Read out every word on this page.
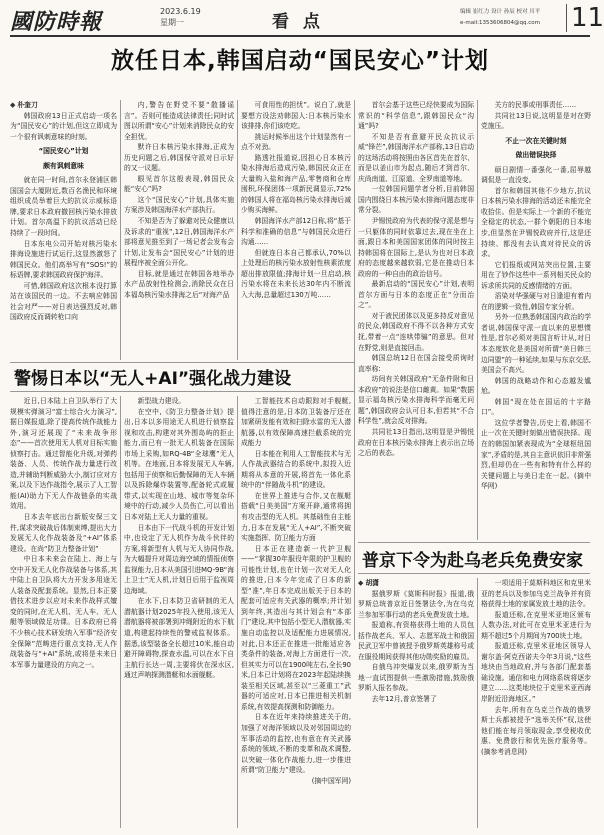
國防時報	2023.6.19
星期一	看 点	编辑 崔红力 设计 孙辰 校对 川平
e-mail:1353606804@qq.com	11
放任日本,韩国启动“国民安心”计划

◆ 朴奎刀

韩国政府13日正式启动一项名为“国民安心”的计划,但这立即成为一个很有讽刺意味的时刻。

“国民安心”计划

颇有讽刺意味

就在同一时间,首尔永登浦区韩国国会大厦附近,数百名渔民和环境组织成员举着巨大的抗议示威标语牌,要求日本政府撤回核污染水排放计划。首尔高温下的抗议活动已经持续了一段时间。

日本东电公司开始对核污染水排海设施进行试运行,这显然激怒了韩国民众。他们高举写有“SOS!”的标语牌,要求韩国政府保护海洋。

可惜,韩国政府这次根本没打算站在该国民的一边。不去响应韩国社会对严——对日表达强烈反对,韩国政府反而调转枪口向

内,警告在野党不要“散播谣言”。否则可能造成法律责任;同时试图以所谓“安心”计划来消除民众的安全担忧。

默许日本核污染水排海,正成为历史问题之后,韩国保守派对日示好的又一议题。

眼见首尔这般表现,韩国民众能“安心”吗?

这个“国民安心”计划,具体实施方案涉及韩国海洋水产部执行。

不知是否为了躲避对民众健康以及诉求的“重视”,12日,韩国海洋水产部将意见推至到了一场记者会发布会计划,让发布会“国民安心”计划的进展程序被全面公开化。

目标,就是通过在韩国各地举办水产品放射性检测会,消除民众在日本福岛核污染水排海之后“对海产品

可食用性的担忧”。说白了,就是要想方设法劝韩国人:日本核污染水该排排,你们该吃吃。

挑运时候举出这个计划显然有一点不对劲。

路透社报道说,因担心日本核污染水排海后造成污染,韩国民众正在大量购入盐和海产品,零售商和仓库囤积,环保团体一项新民调显示,72%的韩国人将在福岛核污染水排海后减少购买海鲜。

韩国海洋水产部12日称,将“基于科学和准确的信息”与韩国民众进行沟通……

但就连日本自己都承认,70%以上处理后的核污染水放射性核素浓度超出排放限值;排海计划一旦启动,核污染水将在未来长达30年内不断流入大海,总量超过130万吨……

首尔会基于这些已经快要成为国际常识的“科学信息”,跟韩国民众“沟通”吗?

不知是否有意避开民众抗议示威“锋芒”,韩国海洋水产部称,13日启动的这场活动将按照由各区首先在首尔、而是以釜山市为起点,随后才到首尔、庆尚南道、江原道、全罗南道等地。

一位韩国问题学者分析,目前韩国国内围绕日本核污染水排海问题态度非常分裂。

尹锡悦政府为代表的保守派是想与一只躯体的同时依靠过去,现在坐在上面,跟日本和美国国家团体的同时按主持韩国将在国际上,是认为也对日本政府的态度越来越软弱,它是在推动日本政府的一种自由的政治信号。

最新启动的“国民安心”计划,表明首尔方面与日本的态度正在“分而治之”。

对于液民团体以及更多持反对意见的民众,韩国政府不得不以各种方式安抚,带着一点“连哄带骗”的意思。但对在野党,则是直接回击。

韩国总统12日在国会接受质询时直率称:

坊间有关韩国政府“无条件附和日本政府”的说法是信口雌黄。如果“数据显示福岛核污染水排海科学而毫无问题”,韩国政府会认可日本,但若其“不合科学性”,就会反对排海。

共同社13日指出,这明显是尹锡悦政府在日本核污染水排海上表示出立场之后的表态。

关方的民事或刑事责任……

共同社13日说,这明显是对在野党施压。

不止一次在关键时刻

做出错误抉择

硕日剧情一番强化一番,屈辱越调侃是一直没变。

首尔和韩国其他不少地方,抗议日本核污染水排海的活动还未能完全收拾住。但是实际上一个新的不能完全稳定的状态,一群个朝阳的日本地步,但显然在尹锡悦政府并行,这是还持续、都没有去认真对待民众的诉求。

它们报纸或网站突出位置,主要用在了钞作这些中一系列相关民众的诉求所共同的反感情绪的方面。

滔染对华强硬与对日逢迎有着内在的逻辑一致性,韩国专家分析。

另外一位熟悉韩国国内政治的学者说,韩国保守派一直以来的思想惯性是,首尔必须对美国言听计从,对日本态度软化是美国对所谓“美日韩三边同盟”的一种延续,如果与东京交恶,美国会不高兴。

韩国的战略动作和心态越发尴尬。

韩国“现在处在国运的十字路口”。

这位学者警告,历史上看,韩国不止一次在关键时刻做出错误抉择。现在的韩国加紧表现成为“全球枢纽国家”,矛盾的是,其自主意识依旧非常强烈,但却仍在一些有和特有什么样的关键问题上与美日走在一起。(摘中华网)

警惕日本以“无人+AI”强化战力建设

近日,日本陆上自卫队举行了大规模实弹演习“富士综合火力演习”,据日媒报道,除了提高传统作战能力外,演习还展现了“未来战争形态”——首次使用无人机对目标实施侦察打击。通过智能化升级,对弹药装备、人员、传统作战力量进行改造,并辅助判断威胁大小,制订应对方案,以及下达作战指令,展示了人工智能(AI)助力下无人作战链条的实战效用。

日本去年底出台新版安保三文件,谋求突破战后体制束缚,提出大力发展无人化作战装备及“+AI”体系建设。在尚“防卫力整备计划”

中日本未来会在陆上、海上与空中开发无人化作战装备与体系,其中陆上自卫队将大力开发多用途无人装备及配套系统。显然,日本正要借技术进步以应对未来作战样式嬗变的同时,在无人机、无人车、无人艇等领域做足功课。日本政府已将不少核心技术研发纳入军事“经济安全保障”范畴进行重点支持,无人作战装备与“+AI”系统,或将是未来日本军事力量建设的方向之一。

新型战力建设。

在空中,《防卫力整备计划》提出,日本以多用途无人机进行侦察监视和攻击,构建对其外围岛屿的拒止能力,而已有一批无人机装备在国际市场上采购,如RQ-4B“全球鹰”无人机等。在地面,日本将发展无人车辆,包括用于侦察和后勤保障的无人车辆以及拆除爆炸装置等,配备轮式或履带式,以实现在山地、城市等复杂环境中的行动,减少人员伤亡,可以看出日本对陆上无人力量的重视。

日本由下一代战斗机的开发计划中,也设定了无人机作为战斗伙伴的方案,将新型有人机与无人协同作战,为大幅提升对周边海空域的情报侦察监视能力,日本从美国引进MQ-9B“海上卫士”无人机,计划日后用于监视周边海域。

在水下,日本防卫省研制的无人潜航器计划2025年投入使用,该无人潜航器将被部署到冲绳附近的水下航道,构建起持续性的警戒监视体系。据悉,该型装备全长超过10米,能自动避开障碍物,探查水温,可以在水下自主航行长达一周,主要将伏在深水区,通过声呐探测潜艇和水面舰艇。

工智能技术自动跟踪对手舰艇,值得注意的是,日本防卫装备厅还在加紧研发能有效和扫除水雷的无人潜航器,以有效保障高速拦截系统的完成能力

日本能在利用人工智能技术与无人作战武器结合的系统中,拟投入近期将从本意的开展,将首先一体化系统中的“伴随战斗机”的建设。

在世界上推进与合作,又在舰艇搭载“日美美国”方案开辟,通常将拥有攻击型的无人机。其基础性自主能力,日本在发展“无人+AI”,不断突破实施指挥、防卫能力方面

日本正在建造新一代护卫舰——“掌握30年服役年限的护卫舰的可能性计划,也在计划一次对无人化的推进,日本今年完成了日本的新型“准”,年日本完成出版关于日本的配套可适应有关武器的概率;并计划到年终,其造出与其计划会有“本部门”建设,其中包括小型无人潜航器,实施自动监控以及适配能力进展情况,对此,日本还正在推进一批能适应各类条件的装备,对海上方面进行一次,但其实力可以在1900吨左右,全长90米,日本已计划将在2023年起陆续换装至相关区域,甚至以“三菱重工”武器的可适应对,日本已推进相关机制系统,有效提高探测和防御能力。

日本在近年来持续推进关于的,加强了对海洋领域以及对邻国周边的军事活动的监控,也有意在有关武器系统的领域,不断的变革和战术调整,以突破一体化作战能力,进一步推进所谓“防卫能力”建设。

(摘中国军网)

普京下令为赴乌老兵免费安家

◆ 胡潇

据俄罗斯《莫斯科时报》报道,俄罗斯总统普京近日签署法令,为在乌克兰参加军事行动的老兵免费发放土地。

报道称,有资格获得土地的人员包括作战老兵、军人、志愿军战士和俄国民武卫军中曾被授予俄罗斯英雄称号或在服役期间获得其他功勋奖励的雇员。

自俄乌冲突爆发以来,俄罗斯为当地一直试图提供一些激励措施,鼓励俄罗斯人报名参战。

去年12月,普京签署了

一项适用于莫斯科地区和克里米亚的老兵以及参加乌克兰战争并有资格获得土地的家属发放土地的法令。

报道还称,在克里米亚地区颁布人数办法,对此可在克里米亚进行为期不超过5个月期间为700块土地。

报道还称,克里米亚地区领导人谢尔盖·阿克西诺夫今年3月说,“这些地块由当地政府,并与各部门配套基础设施。通信和电力网络系统将逐步建立……这类地块位于克里米亚西海岸附近沿海地区。”

去年,所有在乌克兰作战的俄罗斯士兵都被授予“选举关怀”权,这使他们能在每月领取现金,享受税收优惠、免费旅行和优先医疗服务等。(摘参考消息网)
